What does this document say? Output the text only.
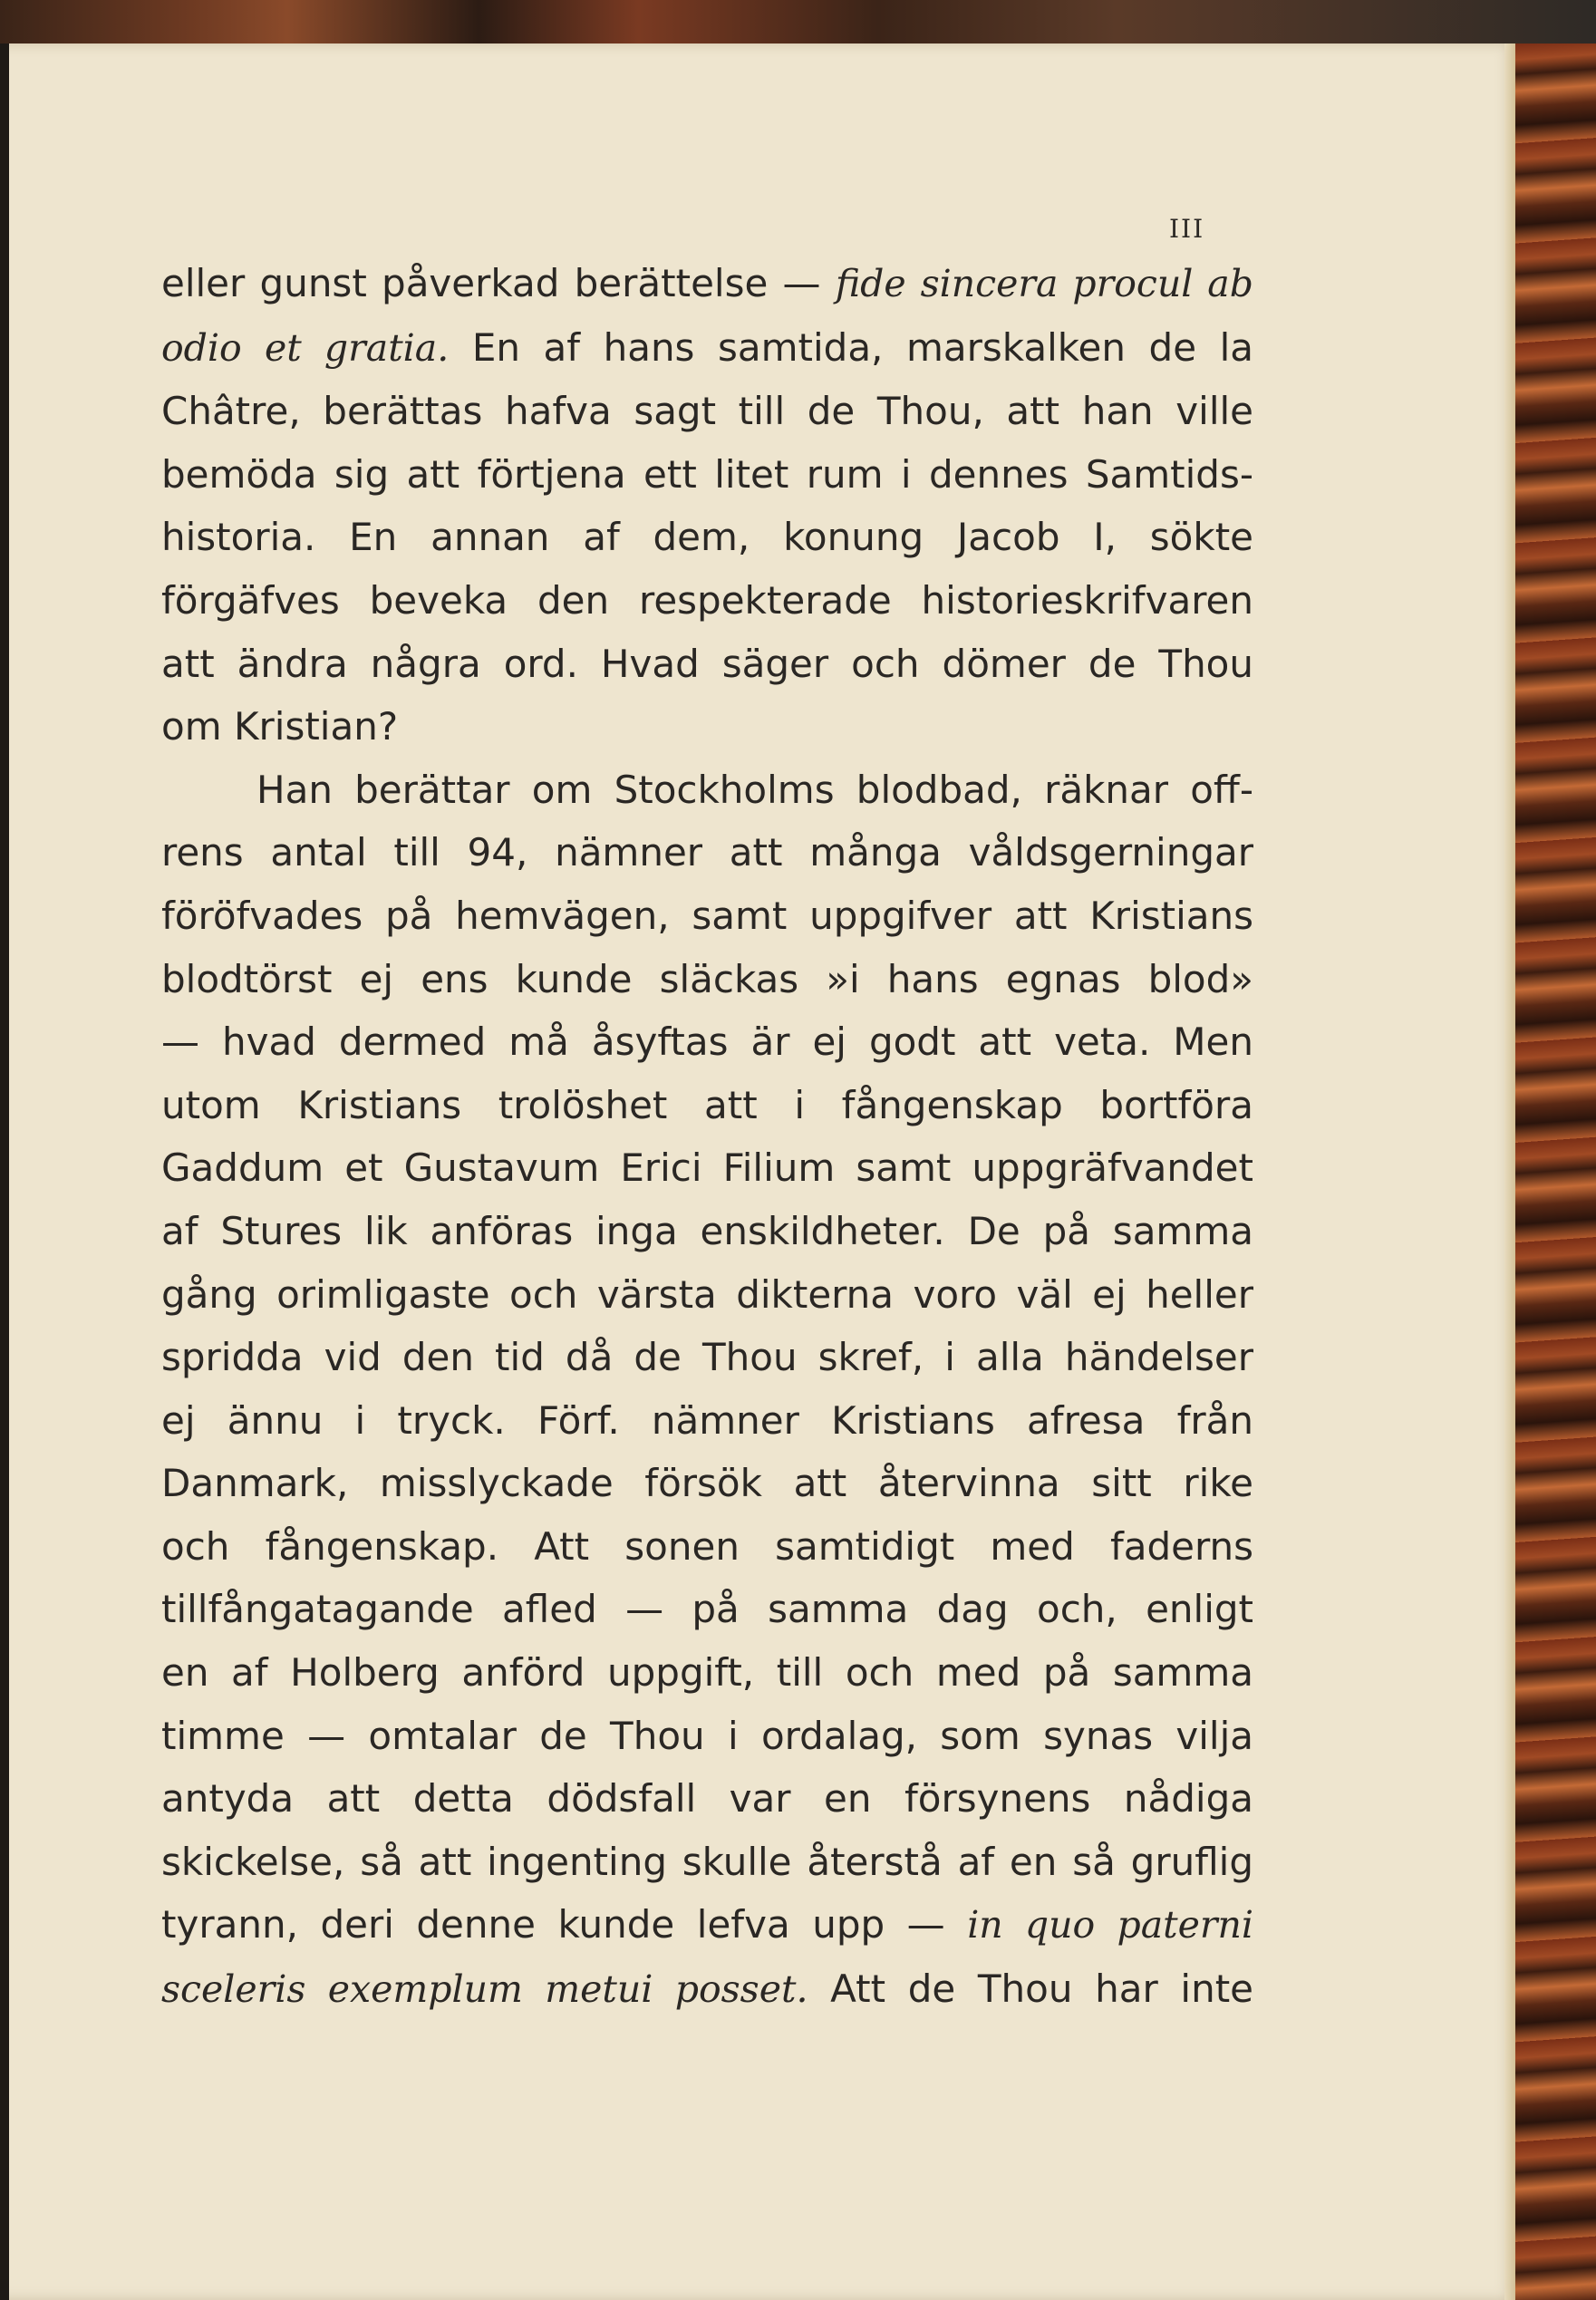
III
eller gunst påverkad berättelse — fide sincera procul ab
odio et gratia. En af hans samtida, marskalken de la
Châtre, berättas hafva sagt till de Thou, att han ville
bemöda sig att förtjena ett litet rum i dennes Samtids-
historia. En annan af dem, konung Jacob I, sökte
förgäfves beveka den respekterade historieskrifvaren
att ändra några ord. Hvad säger och dömer de Thou
om Kristian?
Han berättar om Stockholms blodbad, räknar off-
rens antal till 94, nämner att många våldsgerningar
föröfvades på hemvägen, samt uppgifver att Kristians
blodtörst ej ens kunde släckas »i hans egnas blod»
— hvad dermed må åsyftas är ej godt att veta. Men
utom Kristians trolöshet att i fångenskap bortföra
Gaddum et Gustavum Erici Filium samt uppgräfvandet
af Stures lik anföras inga enskildheter. De på samma
gång orimligaste och värsta dikterna voro väl ej heller
spridda vid den tid då de Thou skref, i alla händelser
ej ännu i tryck. Förf. nämner Kristians afresa från
Danmark, misslyckade försök att återvinna sitt rike
och fångenskap. Att sonen samtidigt med faderns
tillfångatagande afled — på samma dag och, enligt
en af Holberg anförd uppgift, till och med på samma
timme — omtalar de Thou i ordalag, som synas vilja
antyda att detta dödsfall var en försynens nådiga
skickelse, så att ingenting skulle återstå af en så gruflig
tyrann, deri denne kunde lefva upp — in quo paterni
sceleris exemplum metui posset. Att de Thou har inte
